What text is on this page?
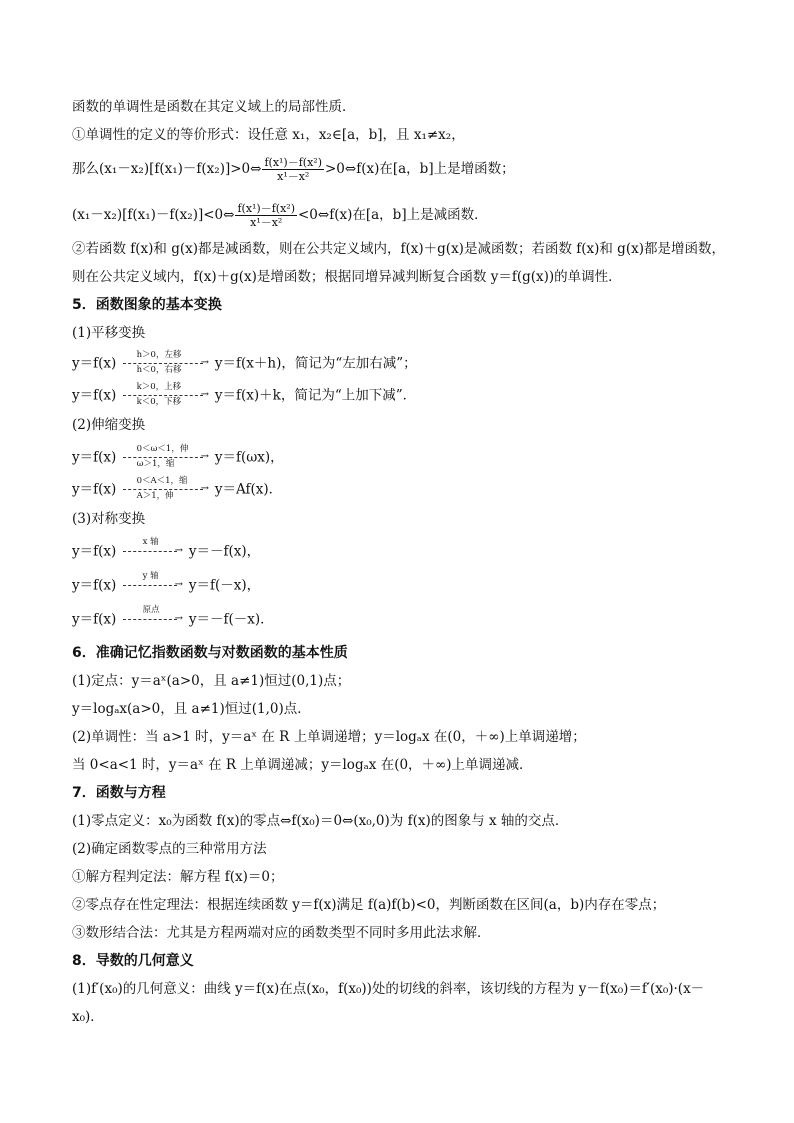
函数的单调性是函数在其定义域上的局部性质．
①单调性的定义的等价形式：设任意 x₁，x₂∈[a，b]，且 x₁≠x₂，
那么(x₁－x₂)[f(x₁)－f(x₂)]>0⇔ $\frac{\text{f(x¹)－f(x²)}}{\text{x¹－x²}}$ >0⇔f(x)在[a，b]上是增函数；
(x₁－x₂)[f(x₁)－f(x₂)]<0⇔ $\frac{\text{f(x¹)－f(x²)}}{\text{x¹－x²}}$ <0⇔f(x)在[a，b]上是减函数．
②若函数 f(x)和 g(x)都是减函数，则在公共定义域内，f(x)＋g(x)是减函数；若函数 f(x)和 g(x)都是增函数，
则在公共定义域内，f(x)＋g(x)是增函数；根据同增异减判断复合函数 y＝f(g(x))的单调性．
5．函数图象的基本变换
(1)平移变换
y＝f(x)
h＞0，左移
→
h＜0，右移 y＝f(x＋h)，简记为“左加右减”；
y＝f(x)
k＞0，上移
→
k＜0，下移 y＝f(x)＋k，简记为“上加下减”．
(2)伸缩变换
y＝f(x)
0＜ω＜1，伸
→
ω＞1，缩	y＝f(ωx)，
y＝f(x)
0＜A＜1，缩
→
A＞1，伸	y＝Af(x)．
(3)对称变换
y＝f(x)
x 轴
→ y＝－f(x)，
y＝f(x)
y 轴
→ y＝f(－x)，
y＝f(x)
原点
→ y＝－f(－x)．
6．准确记忆指数函数与对数函数的基本性质
(1)定点：y＝aˣ(a>0，且 a≠1)恒过(0,1)点；
y＝logₐx(a>0，且 a≠1)恒过(1,0)点．
(2)单调性：当 a>1 时，y＝aˣ 在 R 上单调递增；y＝logₐx 在(0，＋∞)上单调递增；
当 0<a<1 时，y＝aˣ 在 R 上单调递减；y＝logₐx 在(0，＋∞)上单调递减．
7．函数与方程
(1)零点定义：x₀为函数 f(x)的零点⇔f(x₀)＝0⇔(x₀,0)为 f(x)的图象与 x 轴的交点．
(2)确定函数零点的三种常用方法
①解方程判定法：解方程 f(x)＝0；
②零点存在性定理法：根据连续函数 y＝f(x)满足 f(a)f(b)<0，判断函数在区间(a，b)内存在零点；
③数形结合法：尤其是方程两端对应的函数类型不同时多用此法求解．
8．导数的几何意义
(1)f′(x₀)的几何意义：曲线 y＝f(x)在点(x₀，f(x₀))处的切线的斜率，该切线的方程为 y－f(x₀)＝f′(x₀)·(x－
x₀)．
